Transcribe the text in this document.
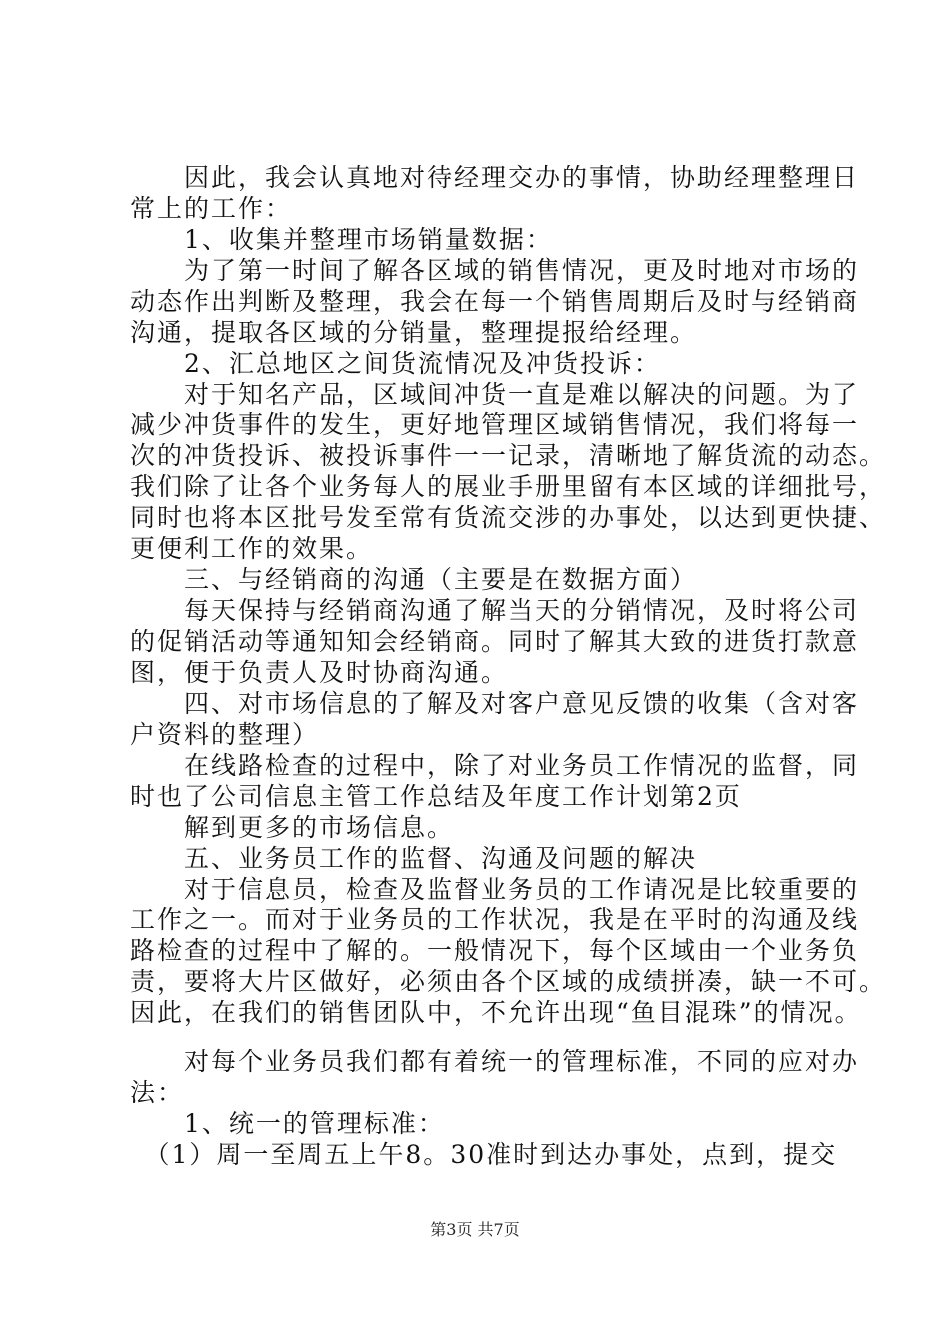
　　因此，我会认真地对待经理交办的事情，协助经理整理日
常上的工作：
　　1、收集并整理市场销量数据：
　　为了第一时间了解各区域的销售情况，更及时地对市场的
动态作出判断及整理，我会在每一个销售周期后及时与经销商
沟通，提取各区域的分销量，整理提报给经理。
　　2、汇总地区之间货流情况及冲货投诉：
　　对于知名产品，区域间冲货一直是难以解决的问题。为了
减少冲货事件的发生，更好地管理区域销售情况，我们将每一
次的冲货投诉、被投诉事件一一记录，清晰地了解货流的动态。
我们除了让各个业务每人的展业手册里留有本区域的详细批号，
同时也将本区批号发至常有货流交涉的办事处，以达到更快捷、
更便利工作的效果。
　　三、与经销商的沟通（主要是在数据方面）
　　每天保持与经销商沟通了解当天的分销情况，及时将公司
的促销活动等通知知会经销商。同时了解其大致的进货打款意
图，便于负责人及时协商沟通。
　　四、对市场信息的了解及对客户意见反馈的收集（含对客
户资料的整理）
　　在线路检查的过程中，除了对业务员工作情况的监督，同
时也了公司信息主管工作总结及年度工作计划第2页
　　解到更多的市场信息。
　　五、业务员工作的监督、沟通及问题的解决
　　对于信息员，检查及监督业务员的工作请况是比较重要的
工作之一。而对于业务员的工作状况，我是在平时的沟通及线
路检查的过程中了解的。一般情况下，每个区域由一个业务负
责，要将大片区做好，必须由各个区域的成绩拼凑，缺一不可。
因此，在我们的销售团队中，不允许出现“鱼目混珠”的情况。
　　对每个业务员我们都有着统一的管理标准，不同的应对办
法：
　　1、统一的管理标准：
　（1）周一至周五上午8。30准时到达办事处，点到，提交
第3页 共7页
